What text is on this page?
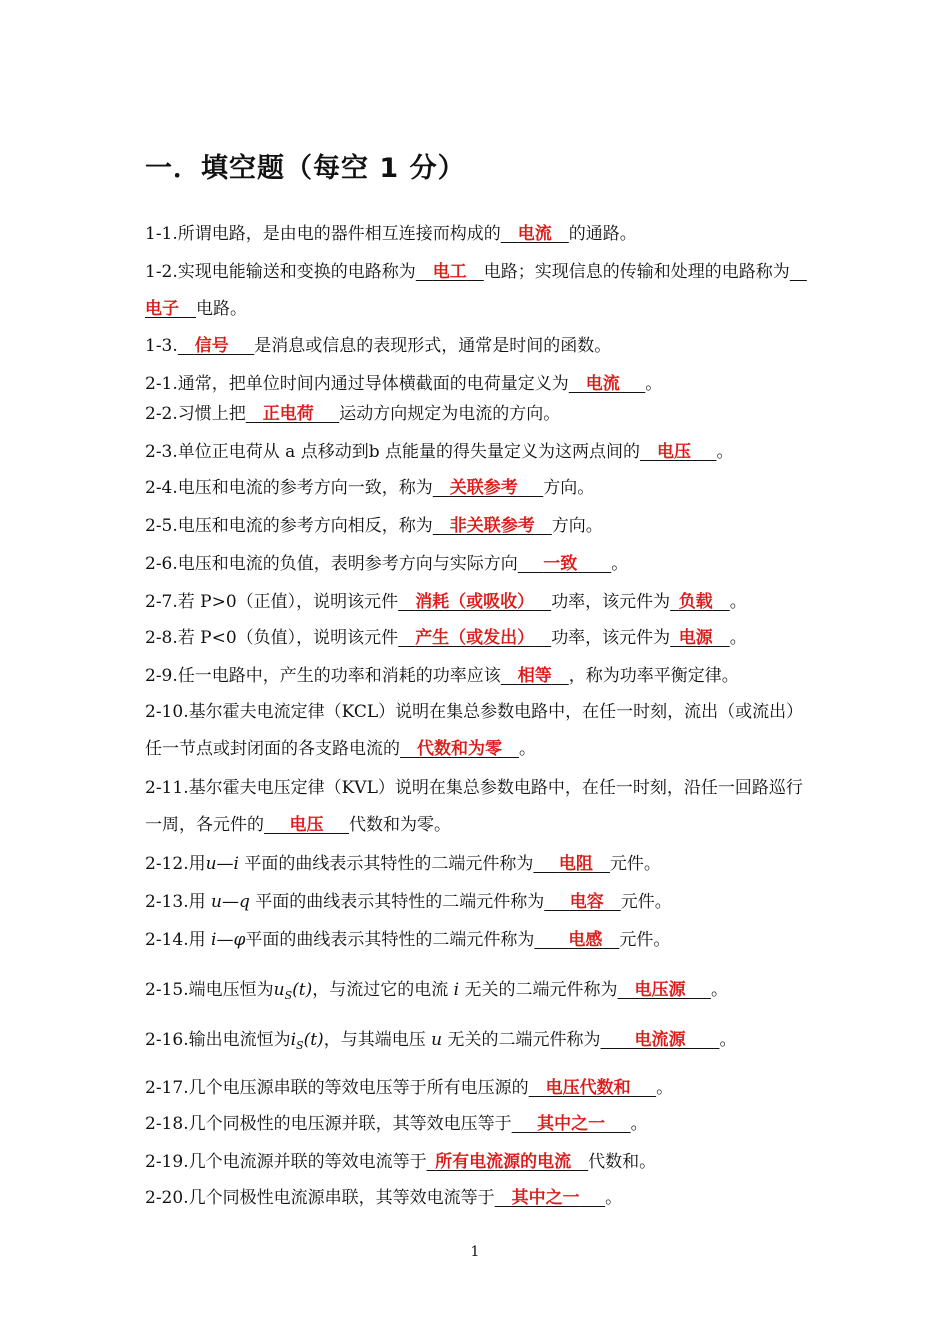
一．填空题（每空 1 分）
1-1.所谓电路，是由电的器件相互连接而构成的   电流   的通路。
1-2.实现电能输送和变换的电路称为   电工   电路；实现信息的传输和处理的电路称为  电子   电路。
1-3.   信号    是消息或信息的表现形式，通常是时间的函数。
2-1.通常，把单位时间内通过导体横截面的电荷量定义为   电流    。
2-2.习惯上把   正电荷    运动方向规定为电流的方向。
2-3.单位正电荷从 a 点移动到b 点能量的得失量定义为这两点间的   电压    。
2-4.电压和电流的参考方向一致，称为   关联参考    方向。
2-5.电压和电流的参考方向相反，称为   非关联参考   方向。
2-6.电压和电流的负值，表明参考方向与实际方向    一致     。
2-7.若 P>0（正值），说明该元件   消耗（或吸收）   功率，该元件为  负载   。
2-8.若 P<0（负值），说明该元件   产生（或发出）   功率，该元件为  电源   。
2-9.任一电路中，产生的功率和消耗的功率应该   相等   ，称为功率平衡定律。
2-10.基尔霍夫电流定律（KCL）说明在集总参数电路中，在任一时刻，流出（或流出）任一节点或封闭面的各支路电流的   代数和为零   。
2-11.基尔霍夫电压定律（KVL）说明在集总参数电路中，在任一时刻，沿任一回路巡行一周，各元件的    电压    代数和为零。
2-12.用u—i 平面的曲线表示其特性的二端元件称为    电阻   元件。
2-13.用 u—q 平面的曲线表示其特性的二端元件称为    电容   元件。
2-14.用 i—φ平面的曲线表示其特性的二端元件称为     电感   元件。
2-15.端电压恒为$u_S(t)$，与流过它的电流 i 无关的二端元件称为   电压源    。
2-16.输出电流恒为$i_S(t)$，与其端电压 u 无关的二端元件称为     电流源     。
2-17.几个电压源串联的等效电压等于所有电压源的   电压代数和    。
2-18.几个同极性的电压源并联，其等效电压等于    其中之一    。
2-19.几个电流源并联的等效电流等于  所有电流源的电流   代数和。
2-20.几个同极性电流源串联，其等效电流等于   其中之一    。
1
